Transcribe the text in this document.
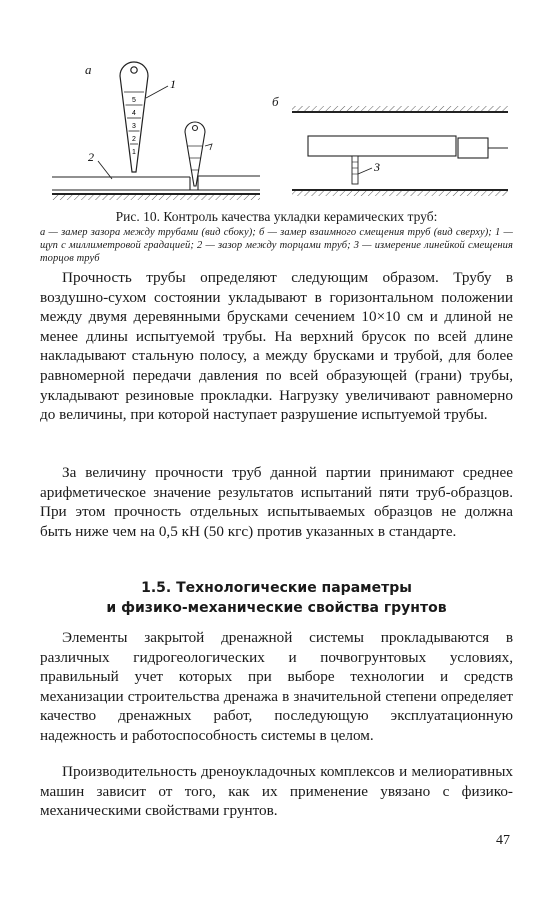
а
5
4
3
2
1
1
2
б
3
Рис. 10. Контроль качества укладки керамических труб:
а — замер зазора между трубами (вид сбоку); б — замер взаимного смещения труб (вид сверху); 1 — щуп с миллиметровой градацией; 2 — зазор между торцами труб; 3 — измерение линейкой смещения торцов труб

Прочность трубы определяют следующим образом. Трубу в воздушно-сухом состоянии укладывают в горизонтальном положении между двумя деревянными брусками сечением 10×10 см и длиной не менее длины испытуемой трубы. На верхний брусок по всей длине накладывают стальную полосу, а между брусками и трубой, для более равномерной передачи давления по всей образующей (грани) трубы, укладывают резиновые прокладки. Нагрузку увеличивают равномерно до величины, при которой наступает разрушение испытуемой трубы.

За величину прочности труб данной партии принимают среднее арифметическое значение результатов испытаний пяти труб-образцов. При этом прочность отдельных испытываемых образцов не должна быть ниже чем на 0,5 кН (50 кгс) против указанных в стандарте.

1.5. Технологические параметры
и физико-механические свойства грунтов

Элементы закрытой дренажной системы прокладываются в различных гидрогеологических и почвогрунтовых условиях, правильный учет которых при выборе технологии и средств механизации строительства дренажа в значительной степени определяет качество дренажных работ, последующую эксплуатационную надежность и работоспособность системы в целом.

Производительность дреноукладочных комплексов и мелиоративных машин зависит от того, как их применение увязано с физико-механическими свойствами грунтов.

47
